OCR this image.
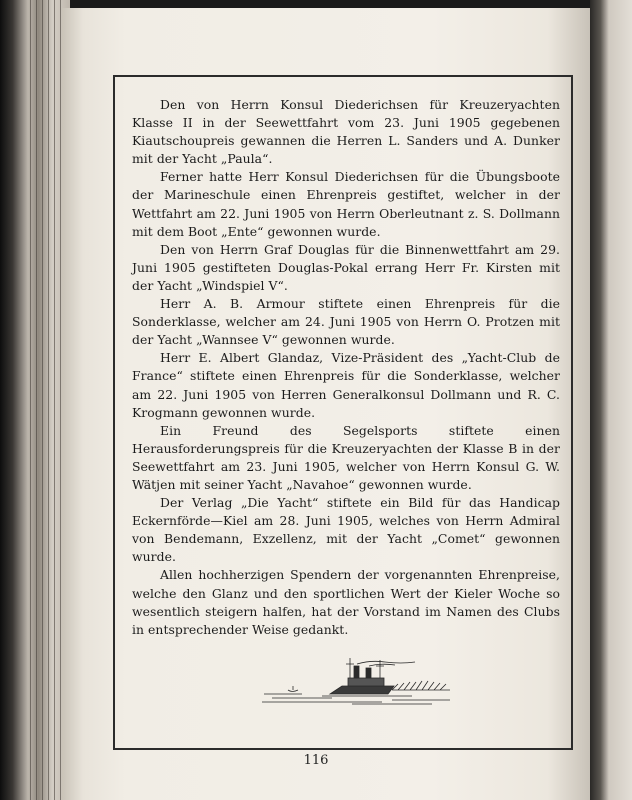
Den von Herrn Konsul Diederichsen für Kreuzeryachten Klasse II in der Seewettfahrt vom 23. Juni 1905 gegebenen Kiautschoupreis gewannen die Herren L. Sanders und A. Dunker mit der Yacht „Paula“.

Ferner hatte Herr Konsul Diederichsen für die Übungsboote der Marineschule einen Ehrenpreis gestiftet, welcher in der Wettfahrt am 22. Juni 1905 von Herrn Oberleutnant z. S. Dollmann mit dem Boot „Ente“ gewonnen wurde.

Den von Herrn Graf Douglas für die Binnenwettfahrt am 29. Juni 1905 gestifteten Douglas-Pokal errang Herr Fr. Kirsten mit der Yacht „Windspiel V“.

Herr A. B. Armour stiftete einen Ehrenpreis für die Sonderklasse, welcher am 24. Juni 1905 von Herrn O. Protzen mit der Yacht „Wannsee V“ gewonnen wurde.

Herr E. Albert Glandaz, Vize-Präsident des „Yacht-Club de France“ stiftete einen Ehrenpreis für die Sonderklasse, welcher am 22. Juni 1905 von Herren Generalkonsul Dollmann und R. C. Krogmann gewonnen wurde.

Ein Freund des Segelsports stiftete einen Herausforderungspreis für die Kreuzeryachten der Klasse B in der Seewettfahrt am 23. Juni 1905, welcher von Herrn Konsul G. W. Wätjen mit seiner Yacht „Navahoe“ gewonnen wurde.

Der Verlag „Die Yacht“ stiftete ein Bild für das Handicap Eckernförde—Kiel am 28. Juni 1905, welches von Herrn Admiral von Bendemann, Exzellenz, mit der Yacht „Comet“ gewonnen wurde.

Allen hochherzigen Spendern der vorgenannten Ehrenpreise, welche den Glanz und den sportlichen Wert der Kieler Woche so wesentlich steigern halfen, hat der Vorstand im Namen des Clubs in entsprechender Weise gedankt.

116
